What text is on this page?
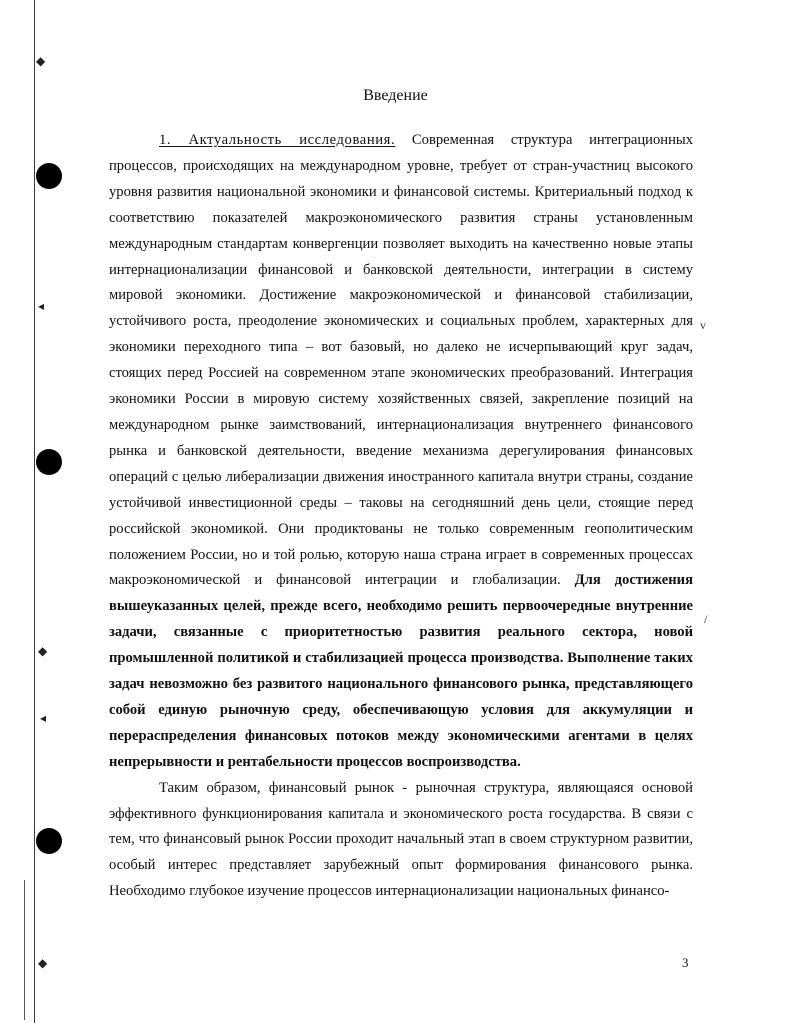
◆
◂
◆
◂
◆
v
/
Введение

1. Актуальность исследования. Современная структура интеграционных процессов, происходящих на международном уровне, требует от стран-участниц высокого уровня развития национальной экономики и финансовой системы. Критериальный подход к соответствию показателей макроэкономического развития страны установленным международным стандартам конвергенции позволяет выходить на качественно новые этапы интернационализации финансовой и банковской деятельности, интеграции в систему мировой экономики. Достижение макроэкономической и финансовой стабилизации, устойчивого роста, преодоление экономических и социальных проблем, характерных для экономики переходного типа – вот базовый, но далеко не исчерпывающий круг задач, стоящих перед Россией на современном этапе экономических преобразований. Интеграция экономики России в мировую систему хозяйственных связей, закрепление позиций на международном рынке заимствований, интернационализация внутреннего финансового рынка и банковской деятельности, введение механизма дерегулирования финансовых операций с целью либерализации движения иностранного капитала внутри страны, создание устойчивой инвестиционной среды – таковы на сегодняшний день цели, стоящие перед российской экономикой. Они продиктованы не только современным геополитическим положением России, но и той ролью, которую наша страна играет в современных процессах макроэкономической и финансовой интеграции и глобализации. Для достижения вышеуказанных целей, прежде всего, необходимо решить первоочередные внутренние задачи, связанные с приоритетностью развития реального сектора, новой промышленной политикой и стабилизацией процесса производства. Выполнение таких задач невозможно без развитого национального финансового рынка, представляющего собой единую рыночную среду, обеспечивающую условия для аккумуляции и перераспределения финансовых потоков между экономическими агентами в целях непрерывности и рентабельности процессов воспроизводства.

Таким образом, финансовый рынок - рыночная структура, являющаяся основой эффективного функционирования капитала и экономического роста государства. В связи с тем, что финансовый рынок России проходит начальный этап в своем структурном развитии, особый интерес представляет зарубежный опыт формирования финансового рынка. Необходимо глубокое изучение процессов интернационализации национальных финансо-

3
